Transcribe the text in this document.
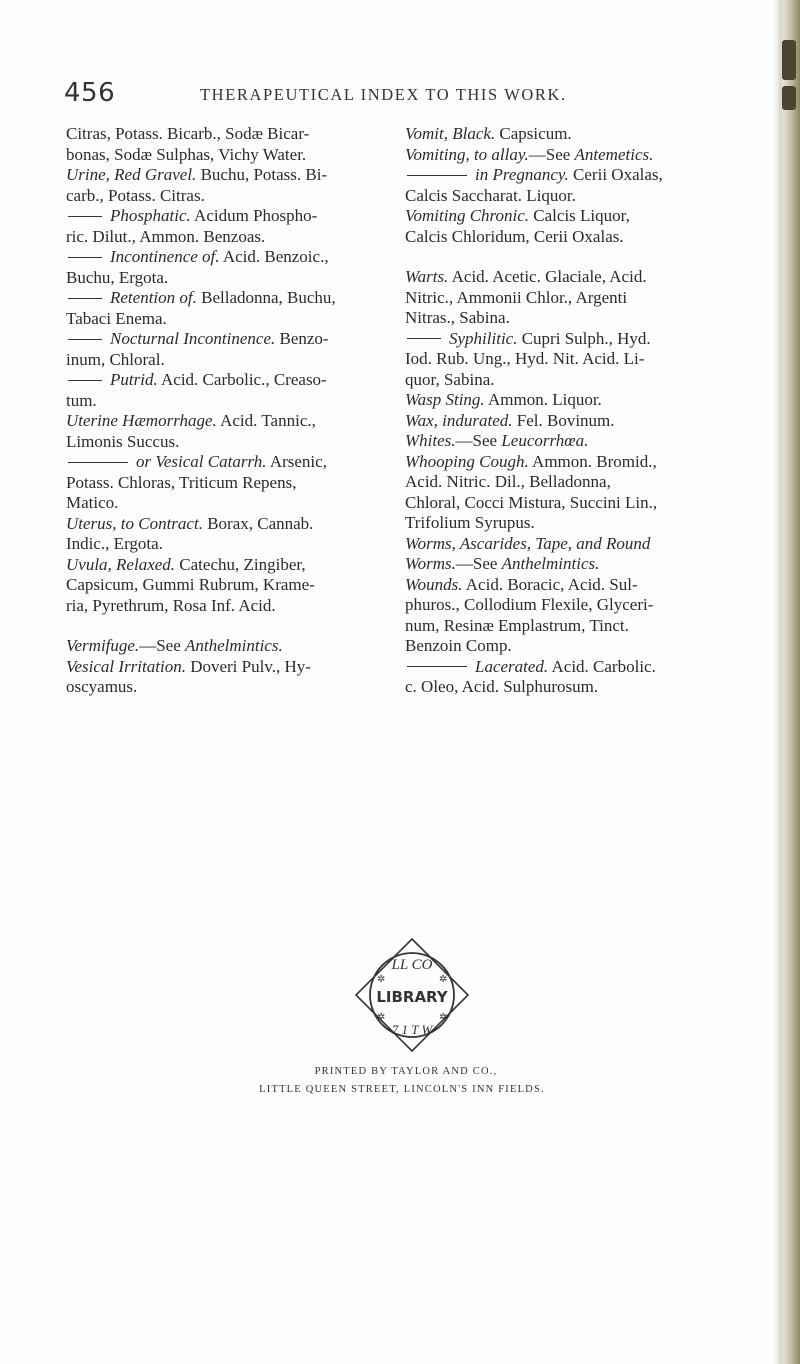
456	THERAPEUTICAL INDEX TO THIS WORK.
Citras, Potass. Bicarb., Sodæ Bicar-
bonas, Sodæ Sulphas, Vichy Water.
Urine, Red Gravel. Buchu, Potass. Bi-
carb., Potass. Citras.
Phosphatic. Acidum Phospho-
ric. Dilut., Ammon. Benzoas.
Incontinence of. Acid. Benzoic.,
Buchu, Ergota.
Retention of. Belladonna, Buchu,
Tabaci Enema.
Nocturnal Incontinence. Benzo-
inum, Chloral.
Putrid. Acid. Carbolic., Creaso-
tum.
Uterine Hæmorrhage. Acid. Tannic.,
Limonis Succus.
or Vesical Catarrh. Arsenic,
Potass. Chloras, Triticum Repens,
Matico.
Uterus, to Contract. Borax, Cannab.
Indic., Ergota.
Uvula, Relaxed. Catechu, Zingiber,
Capsicum, Gummi Rubrum, Krame-
ria, Pyrethrum, Rosa Inf. Acid.
Vermifuge.—See Anthelmintics.
Vesical Irritation. Doveri Pulv., Hy-
oscyamus.
Vomit, Black. Capsicum.
Vomiting, to allay.—See Antemetics.
in Pregnancy. Cerii Oxalas,
Calcis Saccharat. Liquor.
Vomiting Chronic. Calcis Liquor,
Calcis Chloridum, Cerii Oxalas.
Warts. Acid. Acetic. Glaciale, Acid.
Nitric., Ammonii Chlor., Argenti
Nitras., Sabina.
Syphilitic. Cupri Sulph., Hyd.
Iod. Rub. Ung., Hyd. Nit. Acid. Li-
quor, Sabina.
Wasp Sting. Ammon. Liquor.
Wax, indurated. Fel. Bovinum.
Whites.—See Leucorrhœa.
Whooping Cough. Ammon. Bromid.,
Acid. Nitric. Dil., Belladonna,
Chloral, Cocci Mistura, Succini Lin.,
Trifolium Syrupus.
Worms, Ascarides, Tape, and Round
Worms.—See Anthelmintics.
Wounds. Acid. Boracic, Acid. Sul-
phuros., Collodium Flexile, Glyceri-
num, Resinæ Emplastrum, Tinct.
Benzoin Comp.
Lacerated. Acid. Carbolic.
c. Oleo, Acid. Sulphurosum.
LL CO
LIBRARY
7 1 T W
✲	✲
✲	✲
PRINTED BY TAYLOR AND CO.,
LITTLE QUEEN STREET, LINCOLN'S INN FIELDS.
